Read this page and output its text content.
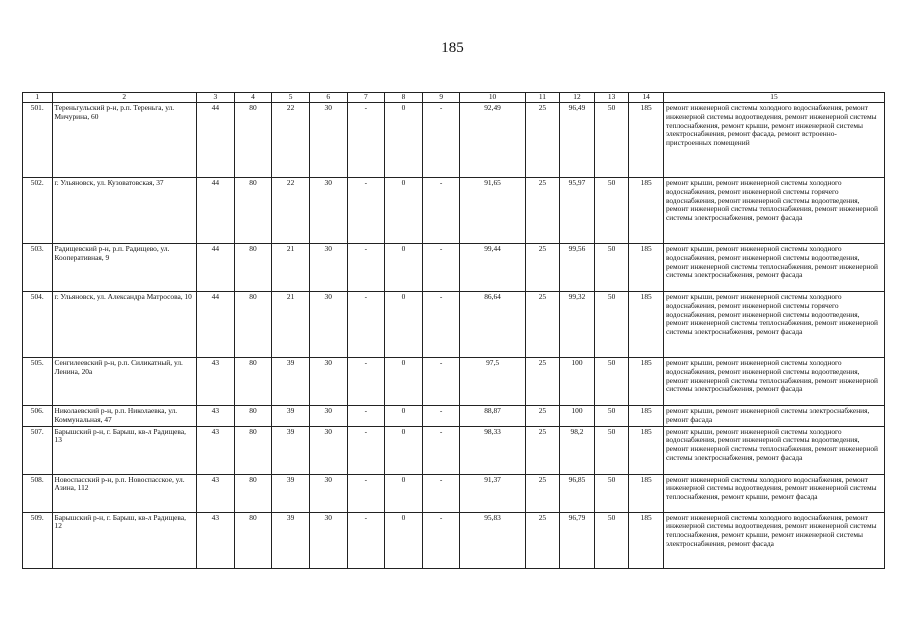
185
1	2	3	4	5	6	7	8	9	10	11	12	13	14	15
501.	Тереньгульский р-н, р.п. Тереньга, ул. Мичурина, 60	44	80	22	30	-	0	-	92,49	25	96,49	50	185	ремонт инженерной системы холодного водоснабжения, ремонт инженерной системы водоотведения, ремонт инженерной системы теплоснабжения, ремонт крыши, ремонт инженерной системы электроснабжения, ремонт фасада, ремонт встроенно-пристроенных помещений
502.	г. Ульяновск, ул. Кузоватовская, 37	44	80	22	30	-	0	-	91,65	25	95,97	50	185	ремонт крыши, ремонт инженерной системы холодного водоснабжения, ремонт инженерной системы горячего водоснабжения, ремонт инженерной системы водоотведения, ремонт инженерной системы теплоснабжения, ремонт инженерной системы электроснабжения, ремонт фасада
503.	Радищевский р-н, р.п. Радищево, ул. Кооперативная, 9	44	80	21	30	-	0	-	99,44	25	99,56	50	185	ремонт крыши, ремонт инженерной системы холодного водоснабжения, ремонт инженерной системы водоотведения, ремонт инженерной системы теплоснабжения, ремонт инженерной системы электроснабжения, ремонт фасада
504.	г. Ульяновск, ул. Александра Матросова, 10	44	80	21	30	-	0	-	86,64	25	99,32	50	185	ремонт крыши, ремонт инженерной системы холодного водоснабжения, ремонт инженерной системы горячего водоснабжения, ремонт инженерной системы водоотведения, ремонт инженерной системы теплоснабжения, ремонт инженерной системы электроснабжения, ремонт фасада
505.	Сенгилеевский р-н, р.п. Силикатный, ул. Ленина, 20а	43	80	39	30	-	0	-	97,5	25	100	50	185	ремонт крыши, ремонт инженерной системы холодного водоснабжения, ремонт инженерной системы водоотведения, ремонт инженерной системы теплоснабжения, ремонт инженерной системы электроснабжения, ремонт фасада
506.	Николаевский р-н, р.п. Николаевка, ул. Коммунальная, 47	43	80	39	30	-	0	-	88,87	25	100	50	185	ремонт крыши, ремонт инженерной системы электроснабжения, ремонт фасада
507.	Барышский р-н, г. Барыш, кв-л Радищева, 13	43	80	39	30	-	0	-	98,33	25	98,2	50	185	ремонт крыши, ремонт инженерной системы холодного водоснабжения, ремонт инженерной системы водоотведения, ремонт инженерной системы теплоснабжения, ремонт инженерной системы электроснабжения, ремонт фасада
508.	Новоспасский р-н, р.п. Новоспасское, ул. Азина, 112	43	80	39	30	-	0	-	91,37	25	96,85	50	185	ремонт инженерной системы холодного водоснабжения, ремонт инженерной системы водоотведения, ремонт инженерной системы теплоснабжения, ремонт крыши, ремонт фасада
509.	Барышский р-н, г. Барыш, кв-л Радищева, 12	43	80	39	30	-	0	-	95,83	25	96,79	50	185	ремонт инженерной системы холодного водоснабжения, ремонт инженерной системы водоотведения, ремонт инженерной системы теплоснабжения, ремонт крыши, ремонт инженерной системы электроснабжения, ремонт фасада
